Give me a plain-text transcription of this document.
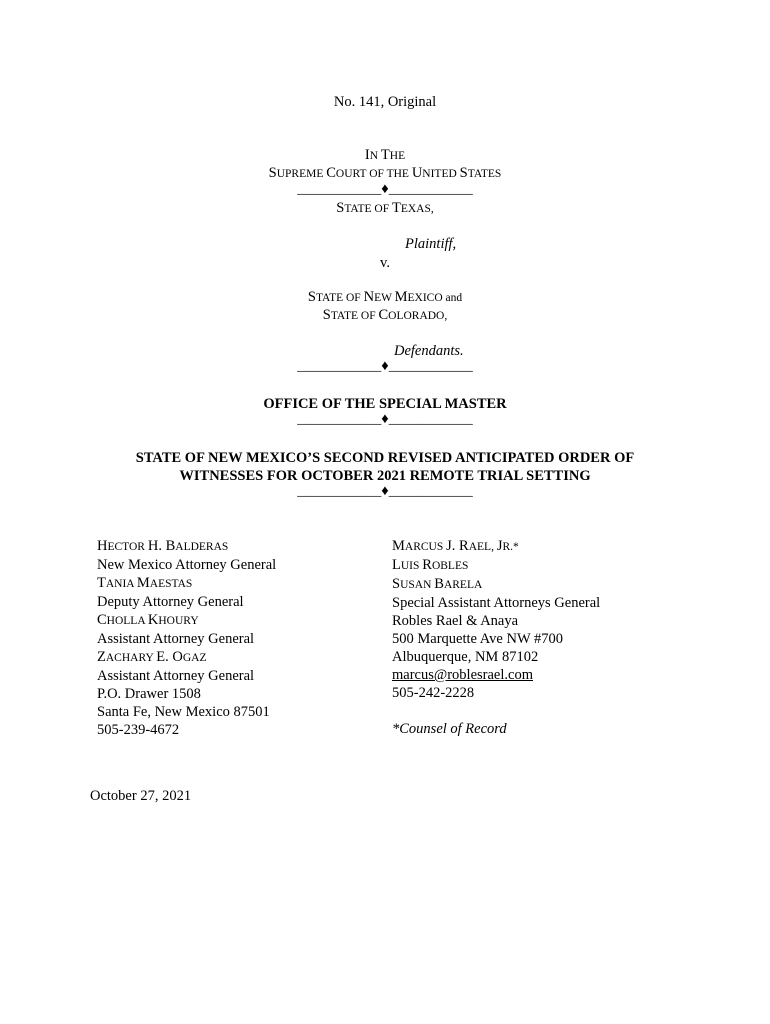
No. 141, Original
IN THE
SUPREME COURT OF THE UNITED STATES
____________♦____________
STATE OF TEXAS,
Plaintiff,
v.
STATE OF NEW MEXICO and
STATE OF COLORADO,
Defendants.
____________♦____________
OFFICE OF THE SPECIAL MASTER
____________♦____________
STATE OF NEW MEXICO’S SECOND REVISED ANTICIPATED ORDER OF
WITNESSES FOR OCTOBER 2021 REMOTE TRIAL SETTING
____________♦____________
HECTOR H. BALDERAS
New Mexico Attorney General
TANIA MAESTAS
Deputy Attorney General
CHOLLA KHOURY
Assistant Attorney General
ZACHARY E. OGAZ
Assistant Attorney General
P.O. Drawer 1508
Santa Fe, New Mexico 87501
505-239-4672
MARCUS J. RAEL, JR.*
LUIS ROBLES
SUSAN BARELA
Special Assistant Attorneys General
Robles Rael & Anaya
500 Marquette Ave NW #700
Albuquerque, NM 87102
marcus@roblesrael.com
505-242-2228
*Counsel of Record
October 27, 2021
